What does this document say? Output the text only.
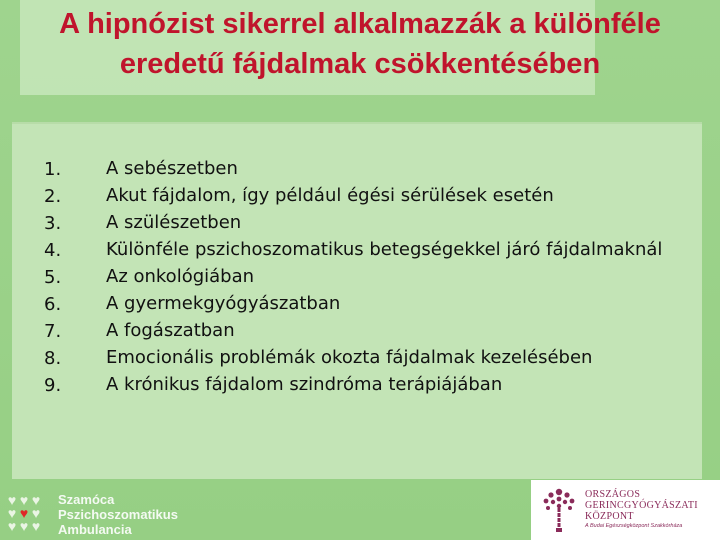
A hipnózist sikerrel alkalmazzák a különféle
eredetű fájdalmak csökkentésében
1.	A sebészetben
2.	Akut fájdalom, így például égési sérülések esetén
3.	A szülészetben
4.	Különféle pszichoszomatikus betegségekkel járó fájdalmaknál
5.	Az onkológiában
6.	A gyermekgyógyászatban
7.	A fogászatban
8.	Emocionális problémák okozta fájdalmak kezelésében
9.	A krónikus fájdalom szindróma terápiájában
♥ ♥ ♥
♥ ♥ ♥
♥ ♥ ♥
Szamóca
Pszichoszomatikus
Ambulancia
ORSZÁGOS
GERINCGYÓGYÁSZATI
KÖZPONT
A Budai Egészségközpont Szakkórháza
